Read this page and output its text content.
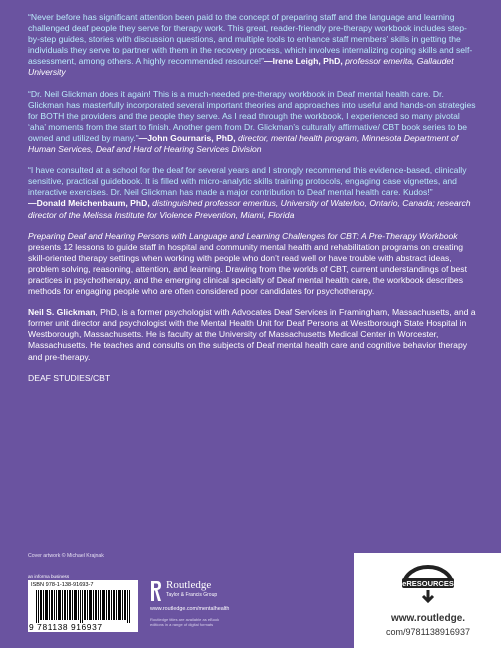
“Never before has significant attention been paid to the concept of preparing staff and the language and learning challenged deaf people they serve for therapy work. This great, reader-friendly pre-therapy workbook includes step-by-step guides, stories with discussion questions, and multiple tools to enhance staff members’ skills in getting the individuals they serve to partner with them in the recovery process, which involves internalizing coping skills and self-assessment, among others. A highly recommended resource!”—Irene Leigh, PhD, professor emerita, Gallaudet University

“Dr. Neil Glickman does it again! This is a much-needed pre-therapy workbook in Deaf mental health care. Dr. Glickman has masterfully incorporated several important theories and approaches into useful and hands-on strategies for BOTH the providers and the people they serve. As I read through the workbook, I experienced so many pivotal ‘aha’ moments from the start to finish. Another gem from Dr. Glickman’s culturally affirmative/ CBT book series to be owned and utilized by many.”—John Gournaris, PhD, director, mental health program, Minnesota Department of Human Services, Deaf and Hard of Hearing Services Division

“I have consulted at a school for the deaf for several years and I strongly recommend this evidence-based, clinically sensitive, practical guidebook. It is filled with micro-analytic skills training protocols, engaging case vignettes, and interactive exercises. Dr. Neil Glickman has made a major contribution to Deaf mental health care. Kudos!”
—Donald Meichenbaum, PhD, distinguished professor emeritus, University of Waterloo, Ontario, Canada; research director of the Melissa Institute for Violence Prevention, Miami, Florida

Preparing Deaf and Hearing Persons with Language and Learning Challenges for CBT: A Pre-Therapy Workbook presents 12 lessons to guide staff in hospital and community mental health and rehabilitation programs on creating skill-oriented therapy settings when working with people who don’t read well or have trouble with abstract ideas, problem solving, reasoning, attention, and learning. Drawing from the worlds of CBT, current understandings of best practices in psychotherapy, and the emerging clinical specialty of Deaf mental health care, the workbook describes methods for engaging people who are often considered poor candidates for psychotherapy.

Neil S. Glickman, PhD, is a former psychologist with Advocates Deaf Services in Framingham, Massachusetts, and a former unit director and psychologist with the Mental Health Unit for Deaf Persons at Westborough State Hospital in Westborough, Massachusetts. He is faculty at the University of Massachusetts Medical Center in Worcester, Massachusetts. He teaches and consults on the subjects of Deaf mental health care and cognitive behavior therapy and pre-therapy.

DEAF STUDIES/CBT

Cover artwork © Michael Krajnak
an informa business
ISBN 978-1-138-91693-7
9 781138 916937
Routledge
Taylor & Francis Group
www.routledge.com/mentalhealth
Routledge titles are available as eBook editions in a range of digital formats
eRESOURCES
www.routledge.
com/9781138916937
